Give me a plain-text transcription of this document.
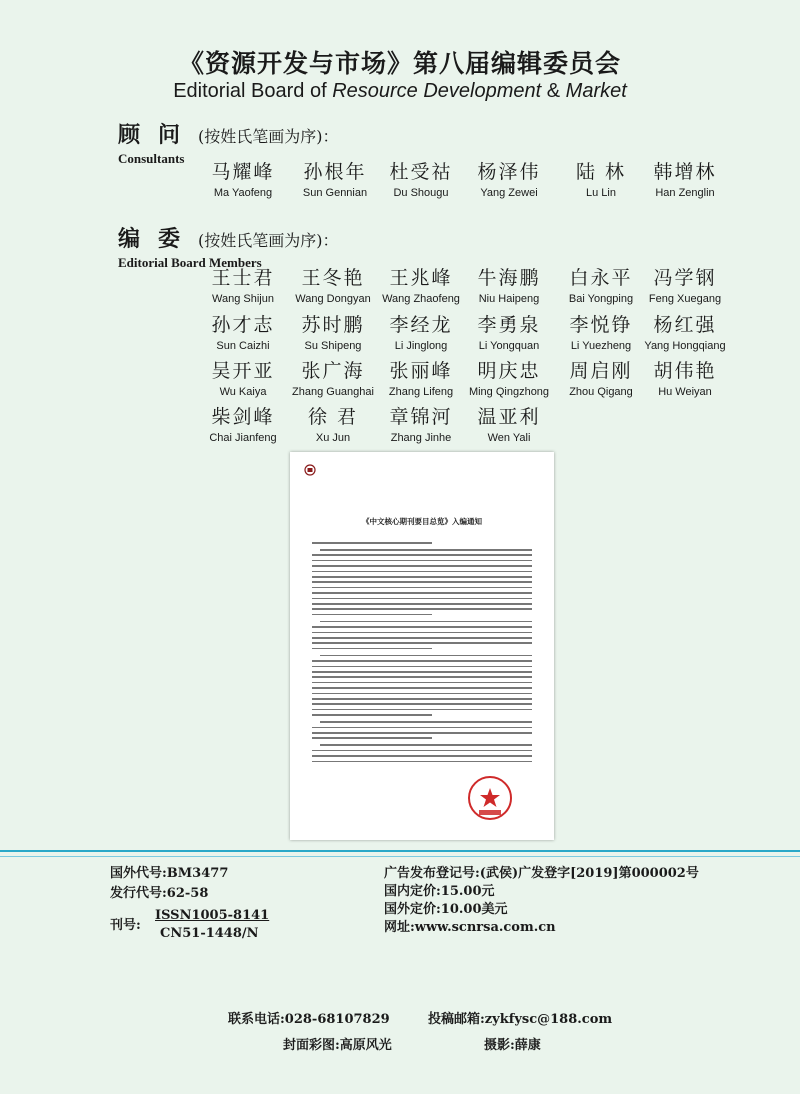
《资源开发与市场》第八届编辑委员会
Editorial Board of Resource Development & Market
顾问(按姓氏笔画为序)：
Consultants
马耀峰
Ma Yaofeng
孙根年
Sun Gennian
杜受祜
Du Shougu
杨泽伟
Yang Zewei
陆 林
Lu Lin
韩增林
Han Zenglin
编委(按姓氏笔画为序)：
Editorial Board Members
王士君
Wang Shijun
王冬艳
Wang Dongyan
王兆峰
Wang Zhaofeng
牛海鹏
Niu Haipeng
白永平
Bai Yongping
冯学钢
Feng Xuegang
孙才志
Sun Caizhi
苏时鹏
Su Shipeng
李经龙
Li Jinglong
李勇泉
Li Yongquan
李悦铮
Li Yuezheng
杨红强
Yang Hongqiang
吴开亚
Wu Kaiya
张广海
Zhang Guanghai
张丽峰
Zhang Lifeng
明庆忠
Ming Qingzhong
周启刚
Zhou Qigang
胡伟艳
Hu Weiyan
柴剑峰
Chai Jianfeng
徐 君
Xu Jun
章锦河
Zhang Jinhe
温亚利
Wen Yali
《中文核心期刊要目总览》入编通知
国外代号:BM3477
发行代号:62-58
刊号:
ISSN1005-8141
CN51-1448/N
广告发布登记号:(武侯)广发登字[2019]第000002号
国内定价:15.00元
国外定价:10.00美元
网址:www.scnrsa.com.cn
联系电话:028-68107829	投稿邮箱:zykfysc@188.com
封面彩图:高原风光	摄影:薛康
